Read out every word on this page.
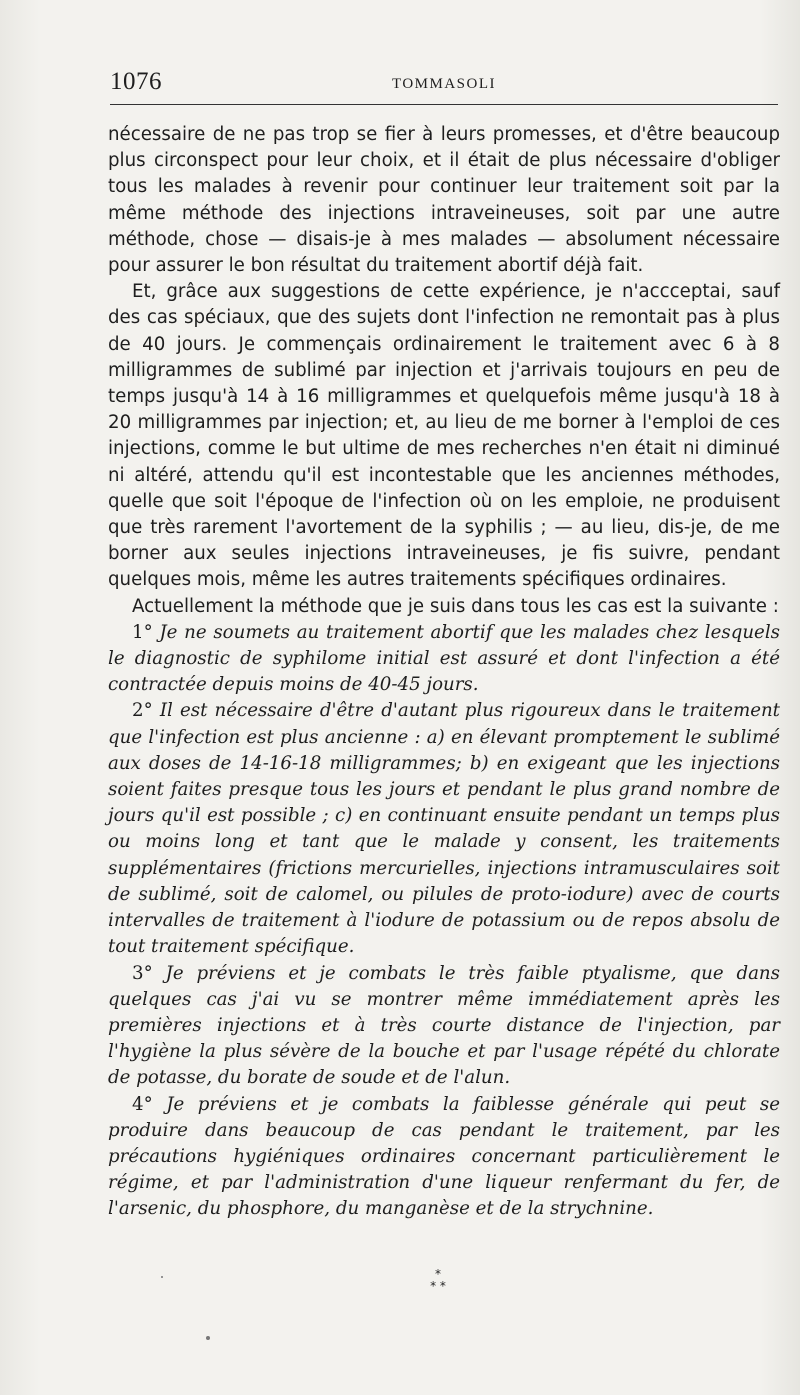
1076	TOMMASOLI

nécessaire de ne pas trop se fier à leurs promesses, et d'être beaucoup plus circonspect pour leur choix, et il était de plus nécessaire d'obliger tous les malades à revenir pour continuer leur traitement soit par la même méthode des injections intraveineuses, soit par une autre méthode, chose — disais-je à mes malades — absolument nécessaire pour assurer le bon résultat du traitement abortif déjà fait.

Et, grâce aux suggestions de cette expérience, je n'accceptai, sauf des cas spéciaux, que des sujets dont l'infection ne remontait pas à plus de 40 jours. Je commençais ordinairement le traitement avec 6 à 8 milligrammes de sublimé par injection et j'arrivais toujours en peu de temps jusqu'à 14 à 16 milligrammes et quelquefois même jusqu'à 18 à 20 milligrammes par injection; et, au lieu de me borner à l'emploi de ces injections, comme le but ultime de mes recherches n'en était ni diminué ni altéré, attendu qu'il est incontestable que les anciennes méthodes, quelle que soit l'époque de l'infection où on les emploie, ne produisent que très rarement l'avortement de la syphilis ; — au lieu, dis-je, de me borner aux seules injections intraveineuses, je fis suivre, pendant quelques mois, même les autres traitements spécifiques ordinaires.

Actuellement la méthode que je suis dans tous les cas est la suivante :

1° Je ne soumets au traitement abortif que les malades chez lesquels le diagnostic de syphilome initial est assuré et dont l'infection a été contractée depuis moins de 40-45 jours.

2° Il est nécessaire d'être d'autant plus rigoureux dans le traitement que l'infection est plus ancienne : a) en élevant promptement le sublimé aux doses de 14-16-18 milligrammes; b) en exigeant que les injections soient faites presque tous les jours et pendant le plus grand nombre de jours qu'il est possible ; c) en continuant ensuite pendant un temps plus ou moins long et tant que le malade y consent, les traitements supplémentaires (frictions mercurielles, injections intramusculaires soit de sublimé, soit de calomel, ou pilules de proto-iodure) avec de courts intervalles de traitement à l'iodure de potassium ou de repos absolu de tout traitement spécifique.

3° Je préviens et je combats le très faible ptyalisme, que dans quelques cas j'ai vu se montrer même immédiatement après les premières injections et à très courte distance de l'injection, par l'hygiène la plus sévère de la bouche et par l'usage répété du chlorate de potasse, du borate de soude et de l'alun.

4° Je préviens et je combats la faiblesse générale qui peut se produire dans beaucoup de cas pendant le traitement, par les précautions hygiéniques ordinaires concernant particulièrement le régime, et par l'administration d'une liqueur renfermant du fer, de l'arsenic, du phosphore, du manganèse et de la strychnine.

*
* *
